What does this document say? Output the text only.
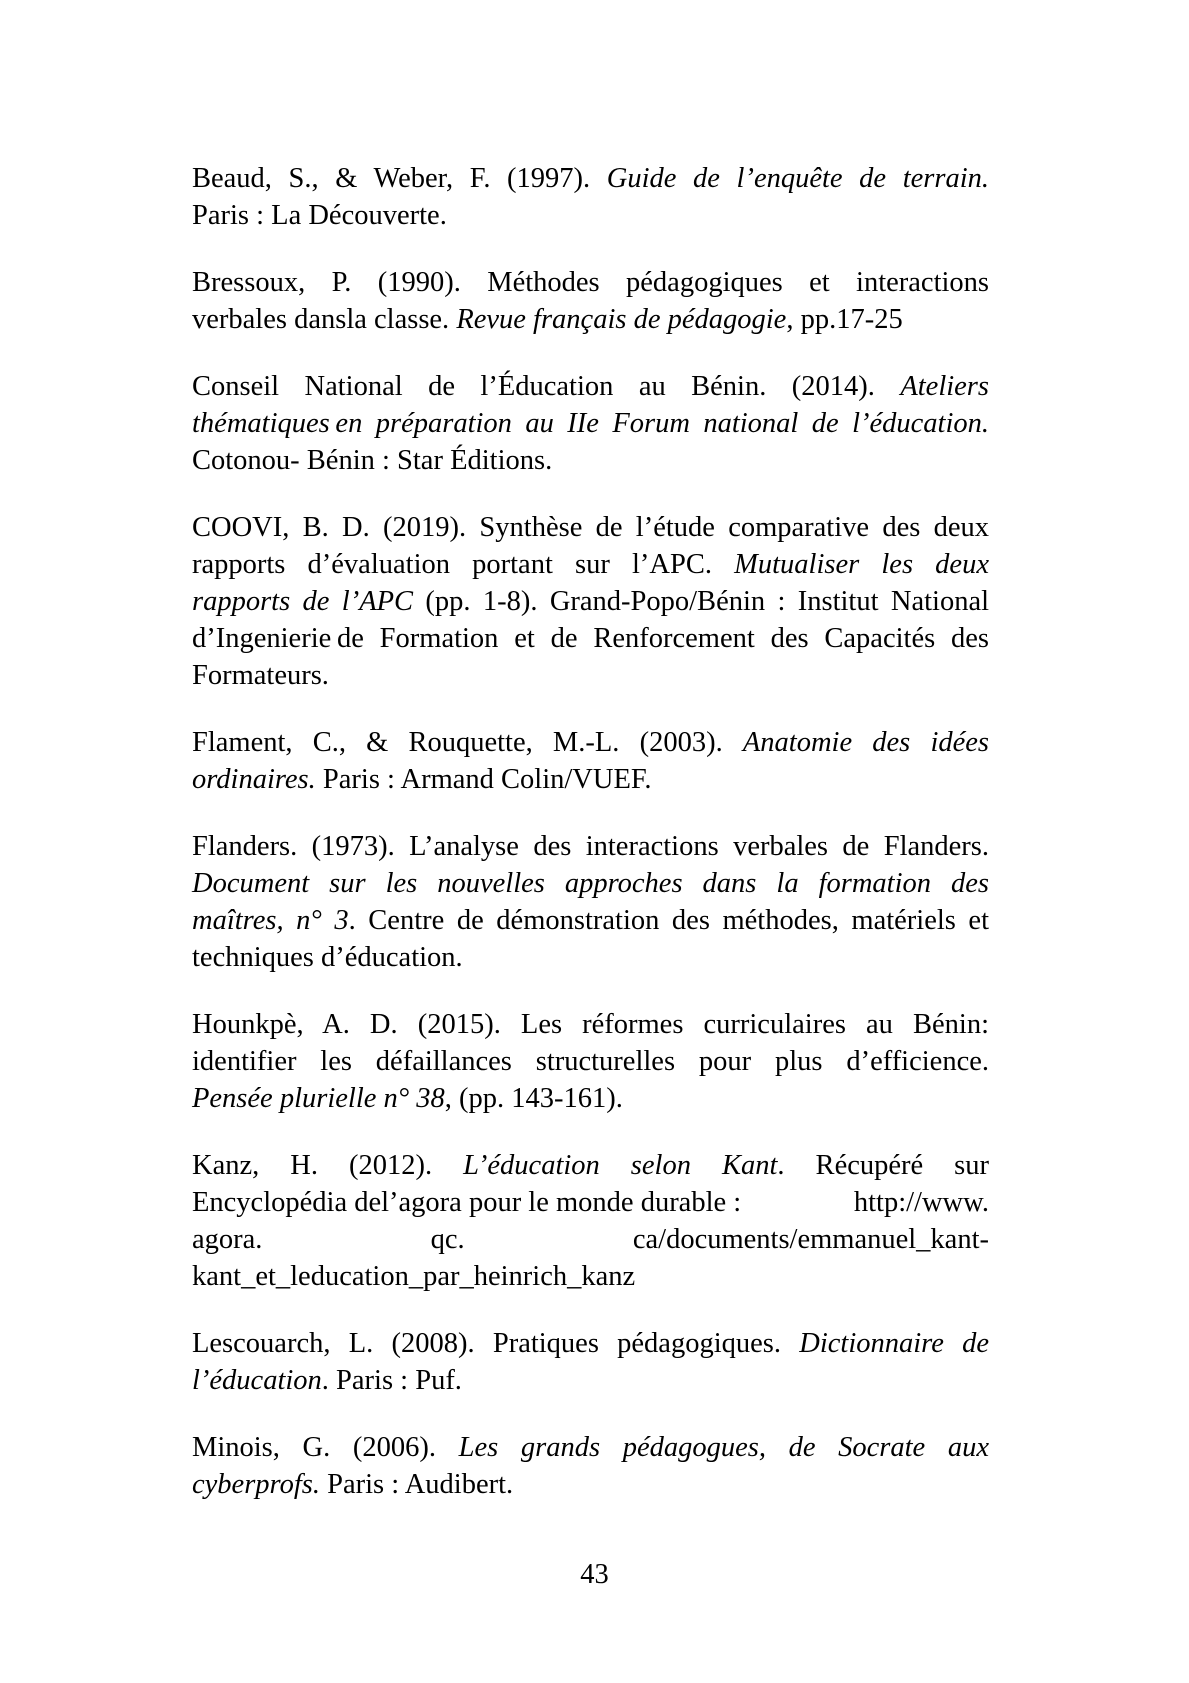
Beaud, S., & Weber, F. (1997). Guide de l’enquête de terrain.
Paris : La Découverte.
Bressoux, P. (1990). Méthodes pédagogiques et interactions
verbales dansla classe. Revue français de pédagogie, pp.17-25
Conseil National de l’Éducation au Bénin. (2014). Ateliers
thématiques en préparation au IIe Forum national de l’éducation.
Cotonou- Bénin : Star Éditions.
COOVI, B. D. (2019). Synthèse de l’étude comparative des deux
rapports d’évaluation portant sur l’APC. Mutualiser les deux
rapports de l’APC (pp. 1-8). Grand-Popo/Bénin : Institut National
d’Ingenierie de Formation et de Renforcement des Capacités des
Formateurs.
Flament, C., & Rouquette, M.-L. (2003). Anatomie des idées
ordinaires. Paris : Armand Colin/VUEF.
Flanders. (1973). L’analyse des interactions verbales de Flanders.
Document sur les nouvelles approches dans la formation des
maîtres, n° 3. Centre de démonstration des méthodes, matériels et
techniques d’éducation.
Hounkpè, A. D. (2015). Les réformes curriculaires au Bénin:
identifier les défaillances structurelles pour plus d’efficience.
Pensée plurielle n° 38, (pp. 143-161).
Kanz, H. (2012). L’éducation selon Kant. Récupéré sur
Encyclopédia del’agora pour le monde durable :	http://www.
agora.	qc.	ca/documents/emmanuel_kant-
kant_et_leducation_par_heinrich_kanz
Lescouarch, L. (2008). Pratiques pédagogiques. Dictionnaire de
l’éducation. Paris : Puf.
Minois, G. (2006). Les grands pédagogues, de Socrate aux
cyberprofs. Paris : Audibert.
43
